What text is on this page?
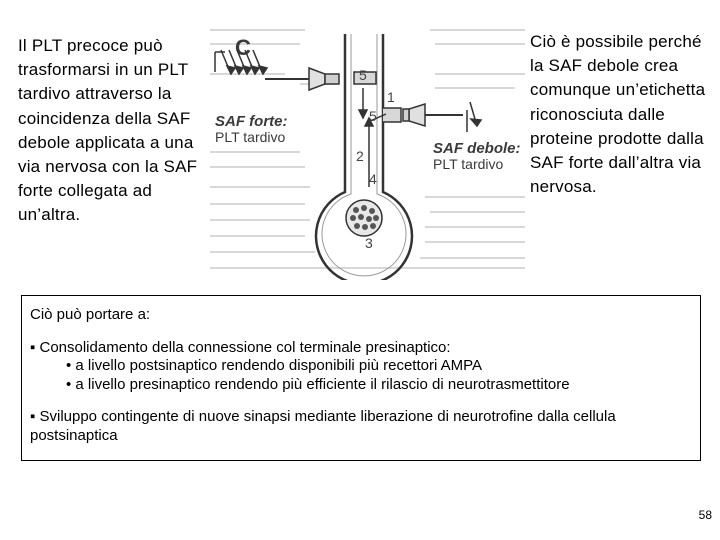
Il PLT precoce può trasformarsi in un PLT tardivo attraverso la coincidenza della SAF debole applicata a una via nervosa con la SAF forte collegata ad un’altra.
C
5
1
5
2
4
3
SAF forte:
PLT tardivo
SAF debole:
PLT tardivo
Ciò è possibile perché la SAF debole crea comunque un’etichetta riconosciuta dalle proteine prodotte dalla SAF forte dall’altra via nervosa.

Ciò può portare a:

▪ Consolidamento della connessione col terminale presinaptico:

• a livello postsinaptico rendendo disponibili più recettori AMPA

• a livello presinaptico rendendo più efficiente il rilascio di neurotrasmettitore

▪ Sviluppo contingente di nuove sinapsi mediante liberazione di neurotrofine dalla cellula postsinaptica

58
